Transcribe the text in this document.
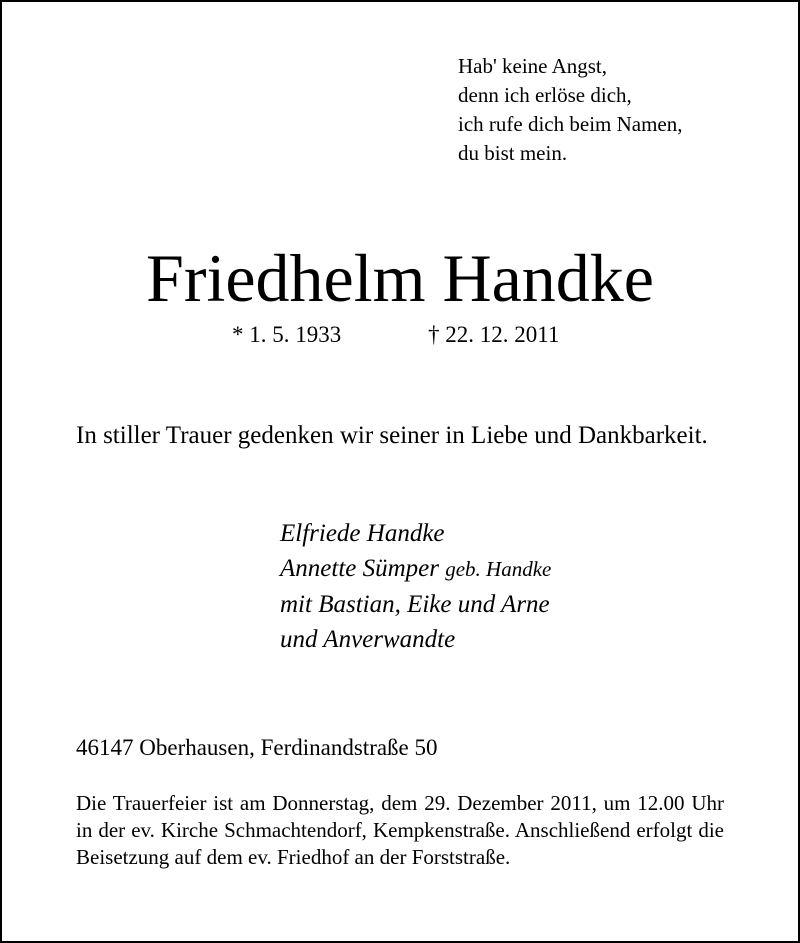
Hab' keine Angst,
denn ich erlöse dich,
ich rufe dich beim Namen,
du bist mein.
Friedhelm Handke
* 1. 5. 1933	† 22. 12. 2011
In stiller Trauer gedenken wir seiner in Liebe und Dankbarkeit.
Elfriede Handke
Annette Sümper geb. Handke
mit Bastian, Eike und Arne
und Anverwandte
46147 Oberhausen, Ferdinandstraße 50
Die Trauerfeier ist am Donnerstag, dem 29. Dezember 2011, um 12.00 Uhr in der ev. Kirche Schmachtendorf, Kempkenstraße. Anschließend erfolgt die Beisetzung auf dem ev. Friedhof an der Forststraße.
